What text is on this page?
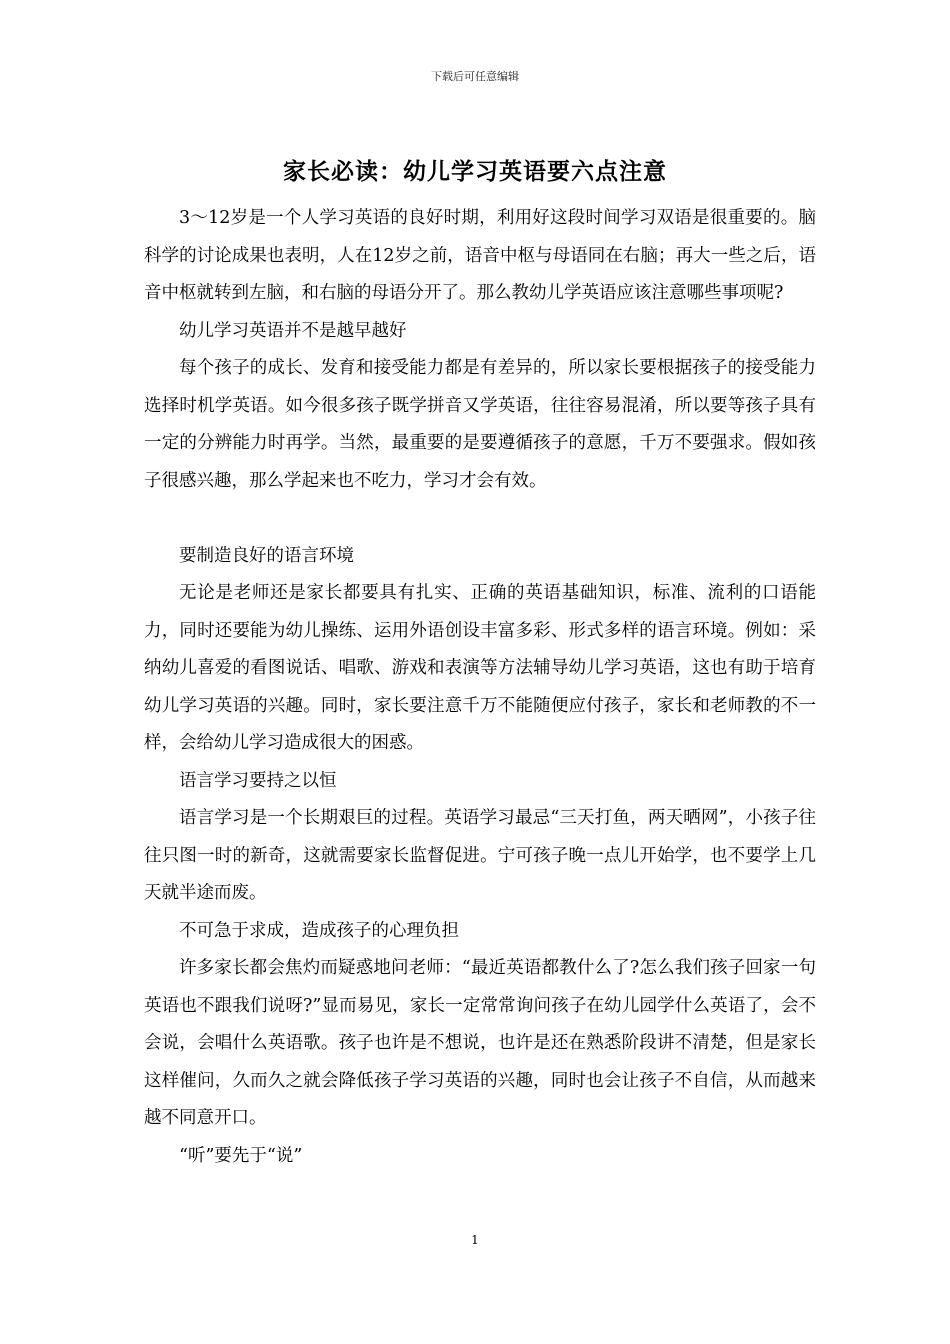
下载后可任意编辑
家长必读：幼儿学习英语要六点注意

3～12岁是一个人学习英语的良好时期，利用好这段时间学习双语是很重要的。脑科学的讨论成果也表明，人在12岁之前，语音中枢与母语同在右脑；再大一些之后，语音中枢就转到左脑，和右脑的母语分开了。那么教幼儿学英语应该注意哪些事项呢?

幼儿学习英语并不是越早越好

每个孩子的成长、发育和接受能力都是有差异的，所以家长要根据孩子的接受能力选择时机学英语。如今很多孩子既学拼音又学英语，往往容易混淆，所以要等孩子具有一定的分辨能力时再学。当然，最重要的是要遵循孩子的意愿，千万不要强求。假如孩子很感兴趣，那么学起来也不吃力，学习才会有效。

要制造良好的语言环境

无论是老师还是家长都要具有扎实、正确的英语基础知识，标准、流利的口语能力，同时还要能为幼儿操练、运用外语创设丰富多彩、形式多样的语言环境。例如：采纳幼儿喜爱的看图说话、唱歌、游戏和表演等方法辅导幼儿学习英语，这也有助于培育幼儿学习英语的兴趣。同时，家长要注意千万不能随便应付孩子，家长和老师教的不一样，会给幼儿学习造成很大的困惑。

语言学习要持之以恒

语言学习是一个长期艰巨的过程。英语学习最忌“三天打鱼，两天晒网”，小孩子往往只图一时的新奇，这就需要家长监督促进。宁可孩子晚一点儿开始学，也不要学上几天就半途而废。

不可急于求成，造成孩子的心理负担

许多家长都会焦灼而疑惑地问老师：“最近英语都教什么了?怎么我们孩子回家一句英语也不跟我们说呀?”显而易见，家长一定常常询问孩子在幼儿园学什么英语了，会不会说，会唱什么英语歌。孩子也许是不想说，也许是还在熟悉阶段讲不清楚，但是家长这样催问，久而久之就会降低孩子学习英语的兴趣，同时也会让孩子不自信，从而越来越不同意开口。

“听”要先于“说”

1
